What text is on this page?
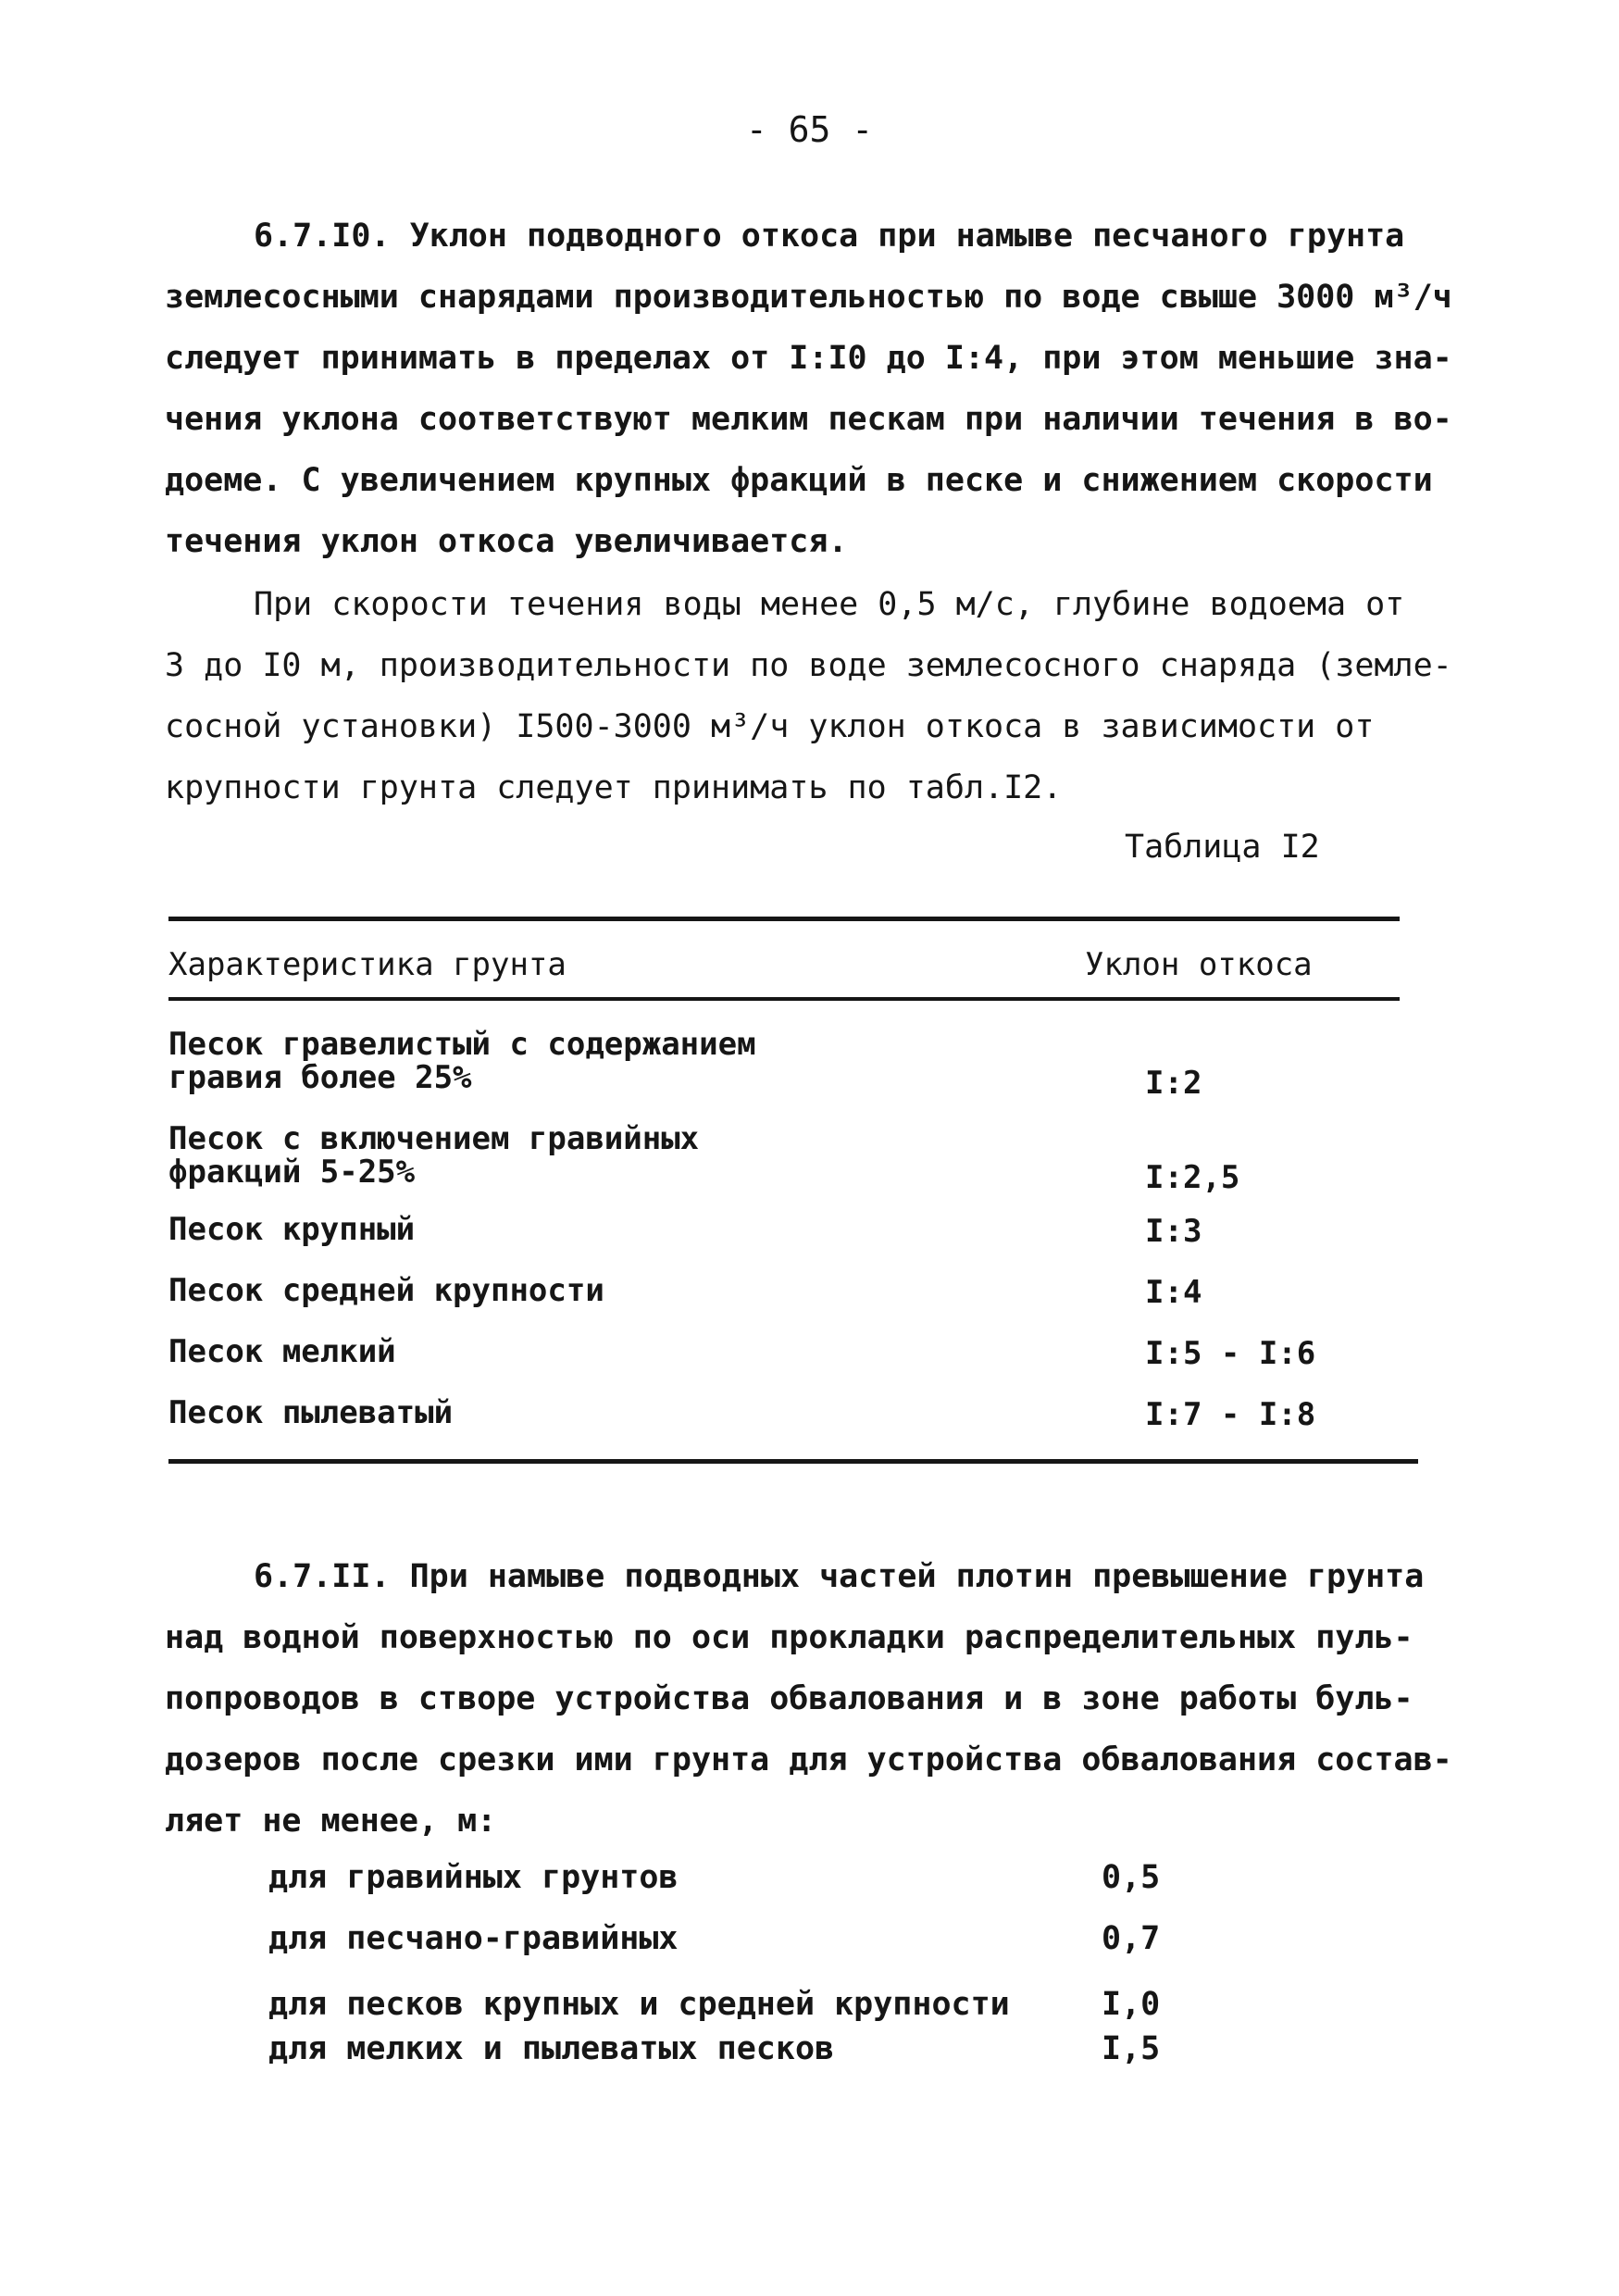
- 65 -
6.7.I0. Уклон подводного откоса при намыве песчаного грунта
землесосными снарядами производительностью по воде свыше 3000 м³/ч
следует принимать в пределах от I:I0 до I:4, при этом меньшие зна-
чения уклона соответствуют мелким пескам при наличии течения в во-
доеме. С увеличением крупных фракций в песке и снижением скорости
течения уклон откоса увеличивается.
При скорости течения воды менее 0,5 м/с, глубине водоема от
3 до I0 м, производительности по воде землесосного снаряда (земле-
сосной установки) I500-3000 м³/ч уклон откоса в зависимости от
крупности грунта следует принимать по табл.I2.
Таблица I2
Характеристика грунта	Уклон откоса
Песок гравелистый с содержанием
гравия более 25%	I:2
Песок с включением гравийных
фракций 5-25%	I:2,5
Песок крупный	I:3
Песок средней крупности	I:4
Песок мелкий	I:5 - I:6
Песок пылеватый	I:7 - I:8
6.7.II. При намыве подводных частей плотин превышение грунта
над водной поверхностью по оси прокладки распределительных пуль-
попроводов в створе устройства обвалования и в зоне работы буль-
дозеров после срезки ими грунта для устройства обвалования состав-
ляет не менее, м:
для гравийных грунтов	0,5
для песчано-гравийных	0,7
для песков крупных и средней крупности	I,0
для мелких и пылеватых песков	I,5
